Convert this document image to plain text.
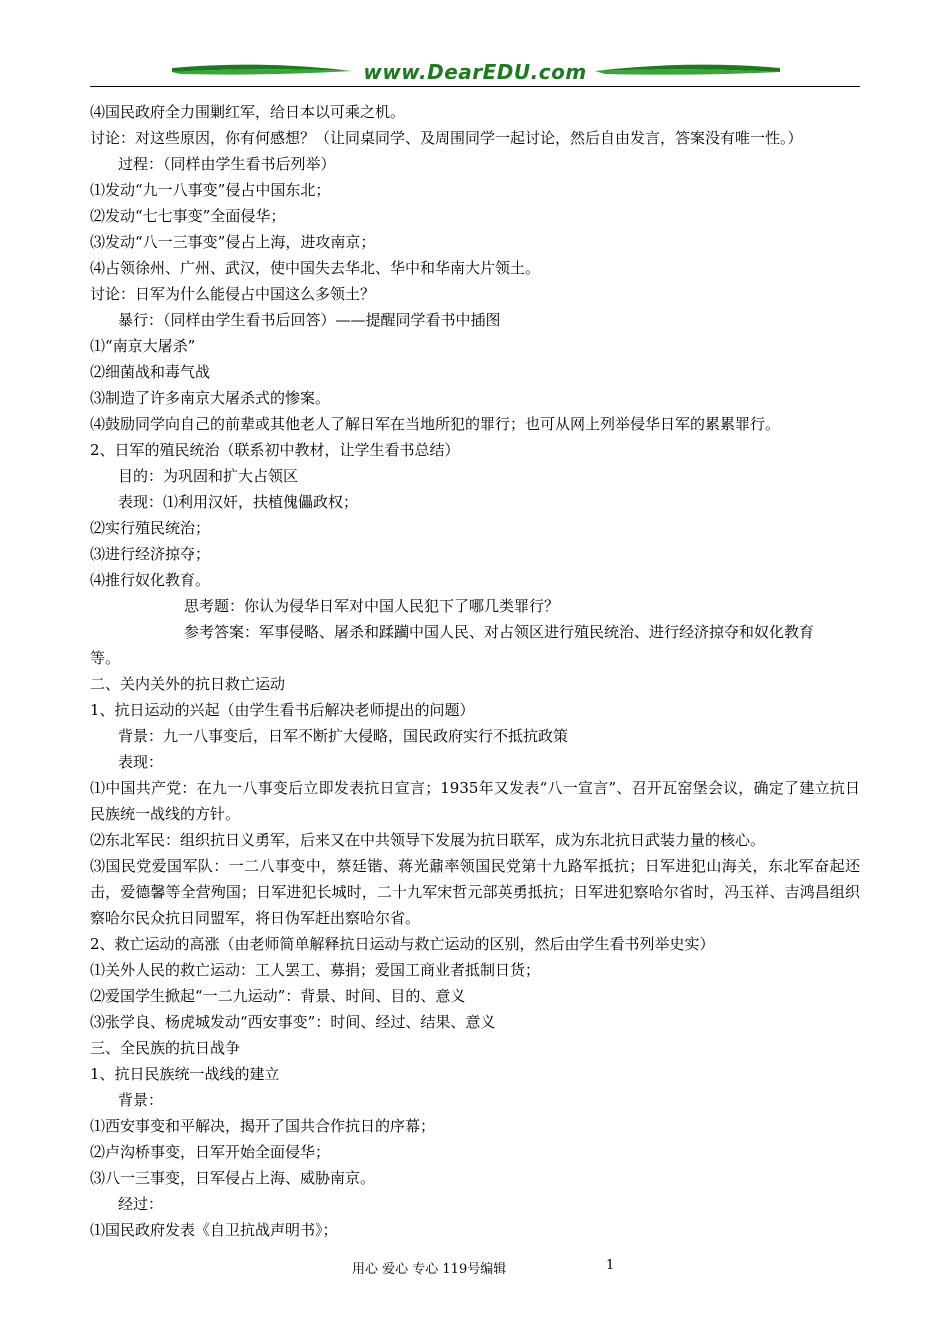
www.DearEDU.com
⑷国民政府全力围剿红军，给日本以可乘之机。
讨论：对这些原因，你有何感想？（让同桌同学、及周围同学一起讨论，然后自由发言，答案没有唯一性。）
过程：（同样由学生看书后列举）
⑴发动“九一八事变”侵占中国东北；
⑵发动“七七事变”全面侵华；
⑶发动“八一三事变”侵占上海，进攻南京；
⑷占领徐州、广州、武汉，使中国失去华北、华中和华南大片领土。
讨论：日军为什么能侵占中国这么多领土？
暴行：（同样由学生看书后回答）——提醒同学看书中插图
⑴“南京大屠杀”
⑵细菌战和毒气战
⑶制造了许多南京大屠杀式的惨案。
⑷鼓励同学向自己的前辈或其他老人了解日军在当地所犯的罪行；也可从网上列举侵华日军的累累罪行。
2、日军的殖民统治（联系初中教材，让学生看书总结）
目的：为巩固和扩大占领区
表现：⑴利用汉奸，扶植傀儡政权；
⑵实行殖民统治；
⑶进行经济掠夺；
⑷推行奴化教育。
思考题：你认为侵华日军对中国人民犯下了哪几类罪行？
参考答案：军事侵略、屠杀和蹂躏中国人民、对占领区进行殖民统治、进行经济掠夺和奴化教育
等。
二、关内关外的抗日救亡运动
1、抗日运动的兴起（由学生看书后解决老师提出的问题）
背景：九一八事变后，日军不断扩大侵略，国民政府实行不抵抗政策
表现：
⑴中国共产党：在九一八事变后立即发表抗日宣言；1935年又发表“八一宣言”、召开瓦窑堡会议，确定了建立抗日民族统一战线的方针。
⑵东北军民：组织抗日义勇军，后来又在中共领导下发展为抗日联军，成为东北抗日武装力量的核心。
⑶国民党爱国军队：一二八事变中，蔡廷锴、蒋光鼐率领国民党第十九路军抵抗；日军进犯山海关，东北军奋起还击，爱德馨等全营殉国；日军进犯长城时，二十九军宋哲元部英勇抵抗；日军进犯察哈尔省时，冯玉祥、吉鸿昌组织察哈尔民众抗日同盟军，将日伪军赶出察哈尔省。
2、救亡运动的高涨（由老师简单解释抗日运动与救亡运动的区别，然后由学生看书列举史实）
⑴关外人民的救亡运动：工人罢工、募捐；爱国工商业者抵制日货；
⑵爱国学生掀起“一二九运动”：背景、时间、目的、意义
⑶张学良、杨虎城发动“西安事变”：时间、经过、结果、意义
三、全民族的抗日战争
1、抗日民族统一战线的建立
背景：
⑴西安事变和平解决，揭开了国共合作抗日的序幕；
⑵卢沟桥事变，日军开始全面侵华；
⑶八一三事变，日军侵占上海、威胁南京。
经过：
⑴国民政府发表《自卫抗战声明书》；
用心 爱心 专心 119号编辑	1
